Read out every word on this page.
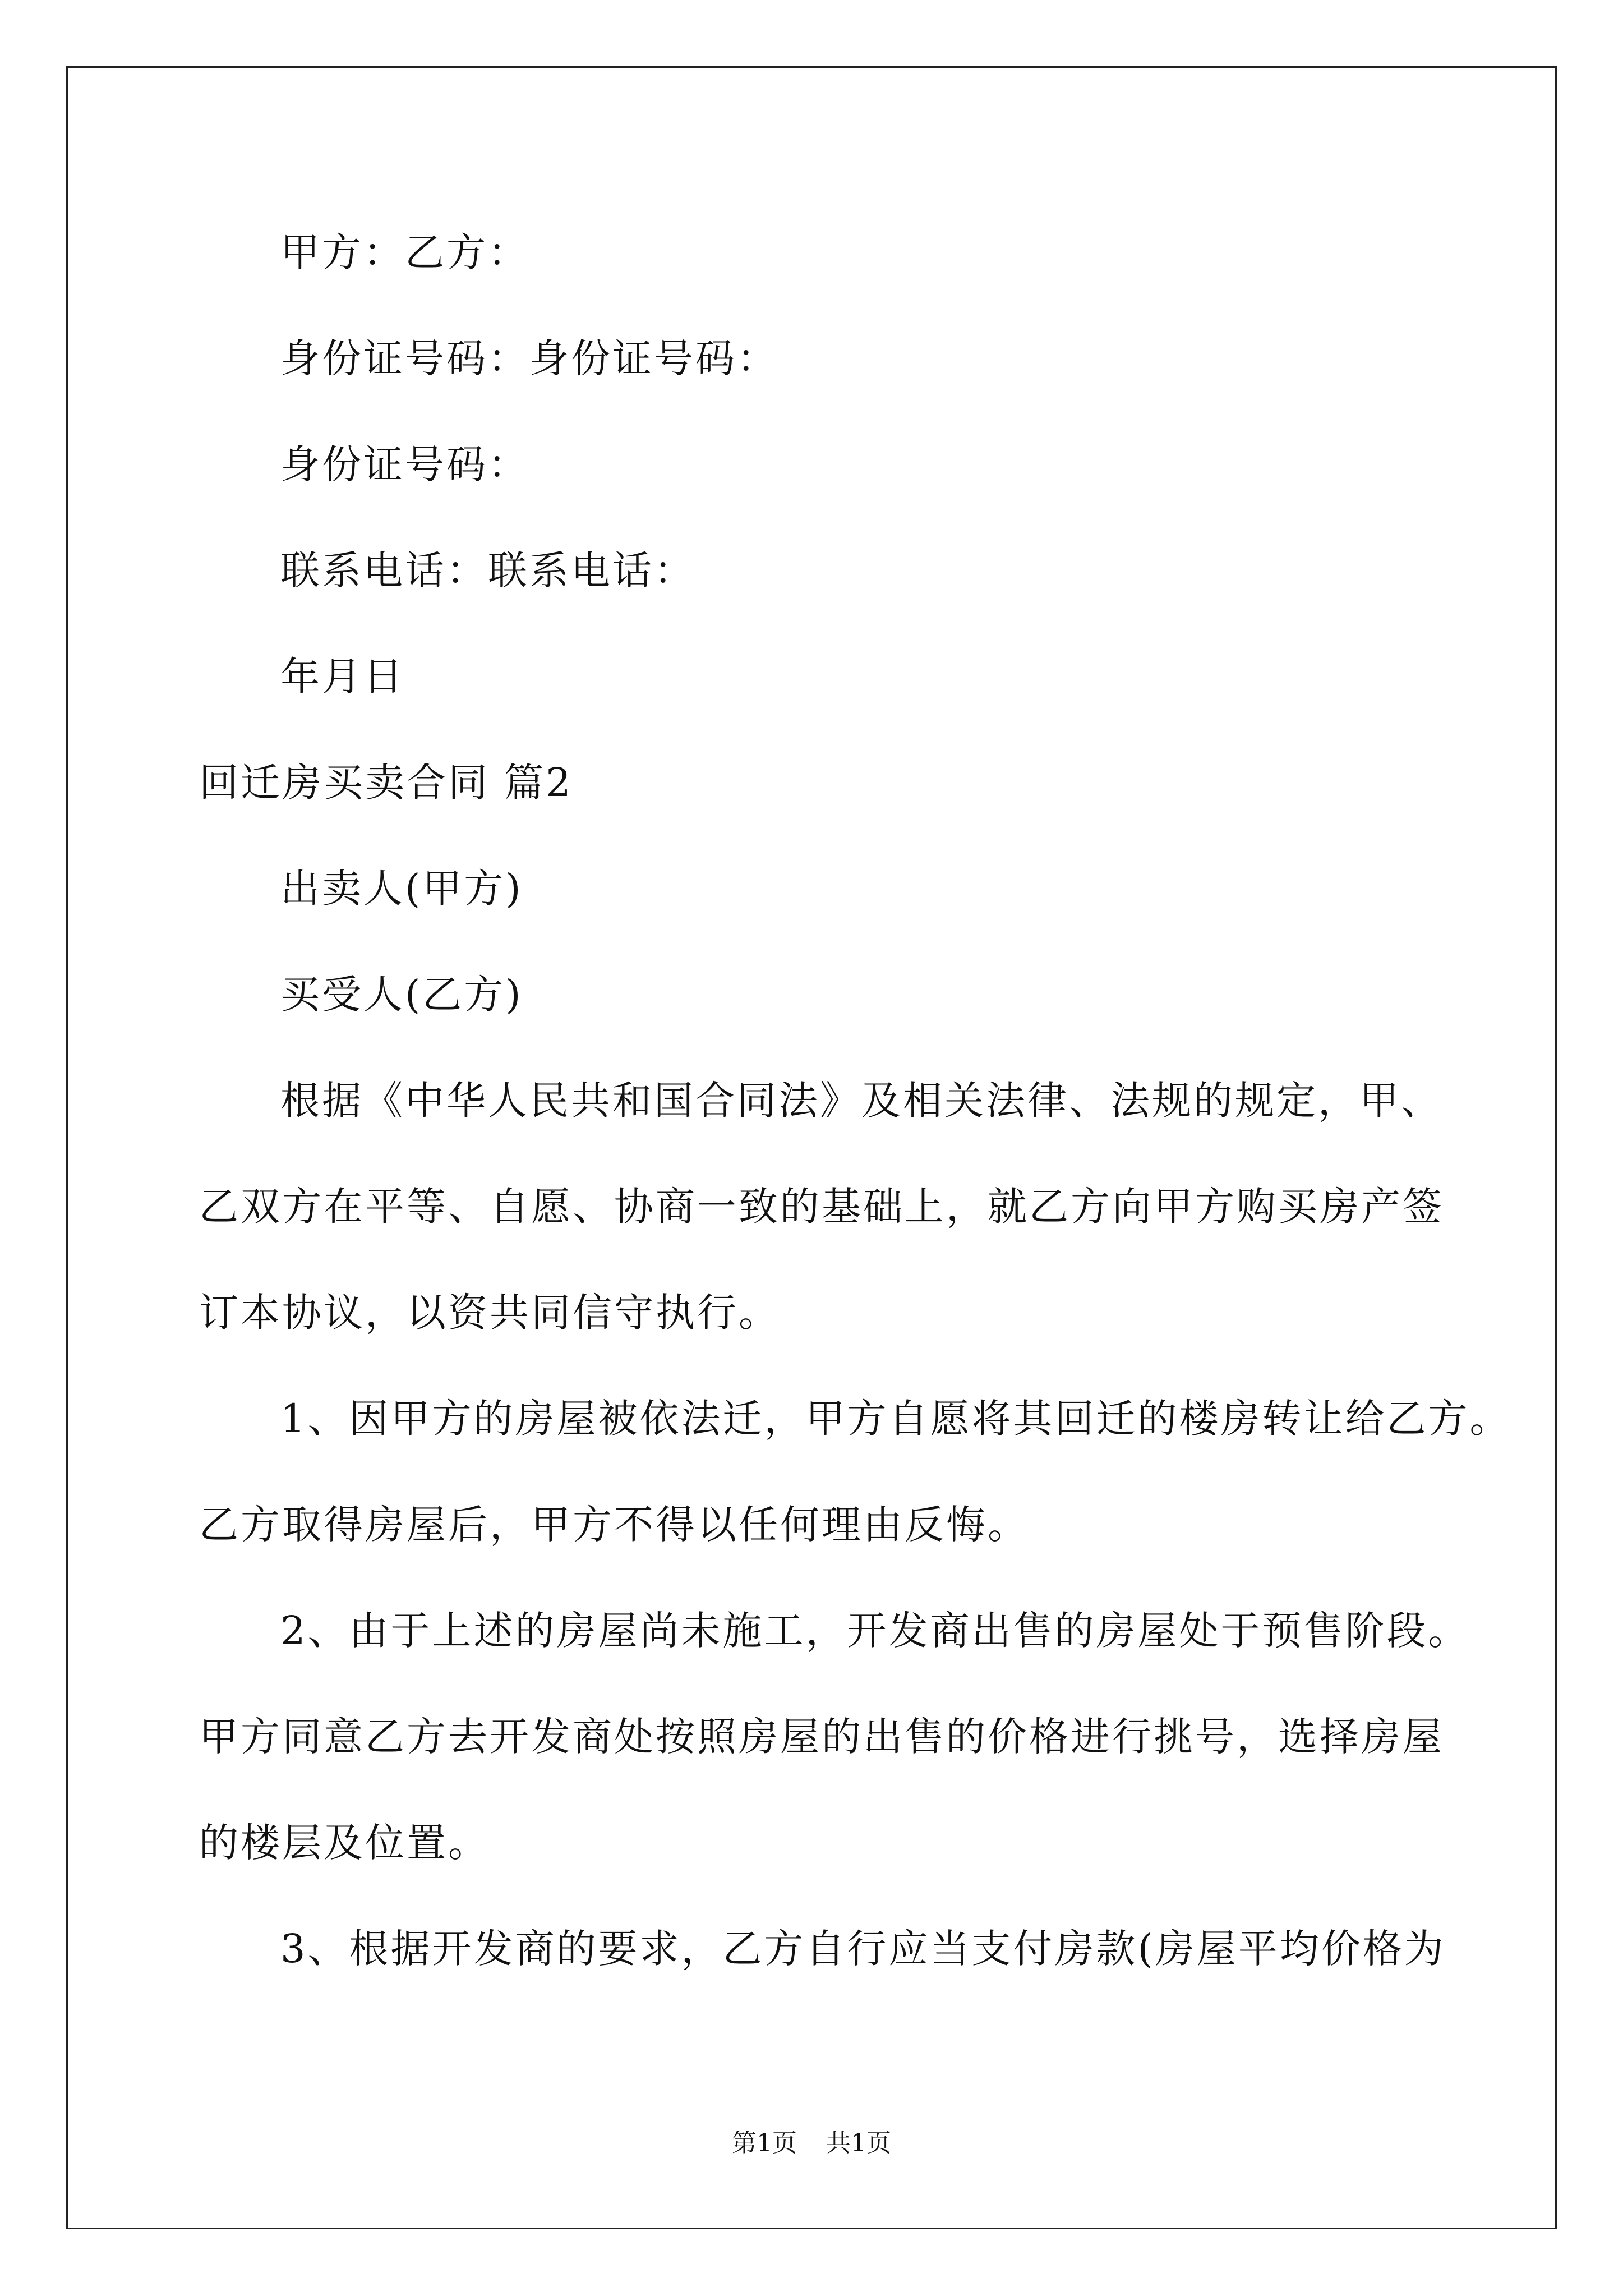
甲方：乙方：

身份证号码：身份证号码：

身份证号码：

联系电话：联系电话：

年月日

回迁房买卖合同 篇2

出卖人(甲方)

买受人(乙方)

根据《中华人民共和国合同法》及相关法律、法规的规定，甲、

乙双方在平等、自愿、协商一致的基础上，就乙方向甲方购买房产签

订本协议，以资共同信守执行。

1、因甲方的房屋被依法迁，甲方自愿将其回迁的楼房转让给乙方。

乙方取得房屋后，甲方不得以任何理由反悔。

2、由于上述的房屋尚未施工，开发商出售的房屋处于预售阶段。

甲方同意乙方去开发商处按照房屋的出售的价格进行挑号，选择房屋

的楼层及位置。

3、根据开发商的要求，乙方自行应当支付房款(房屋平均价格为

第1页 共1页
